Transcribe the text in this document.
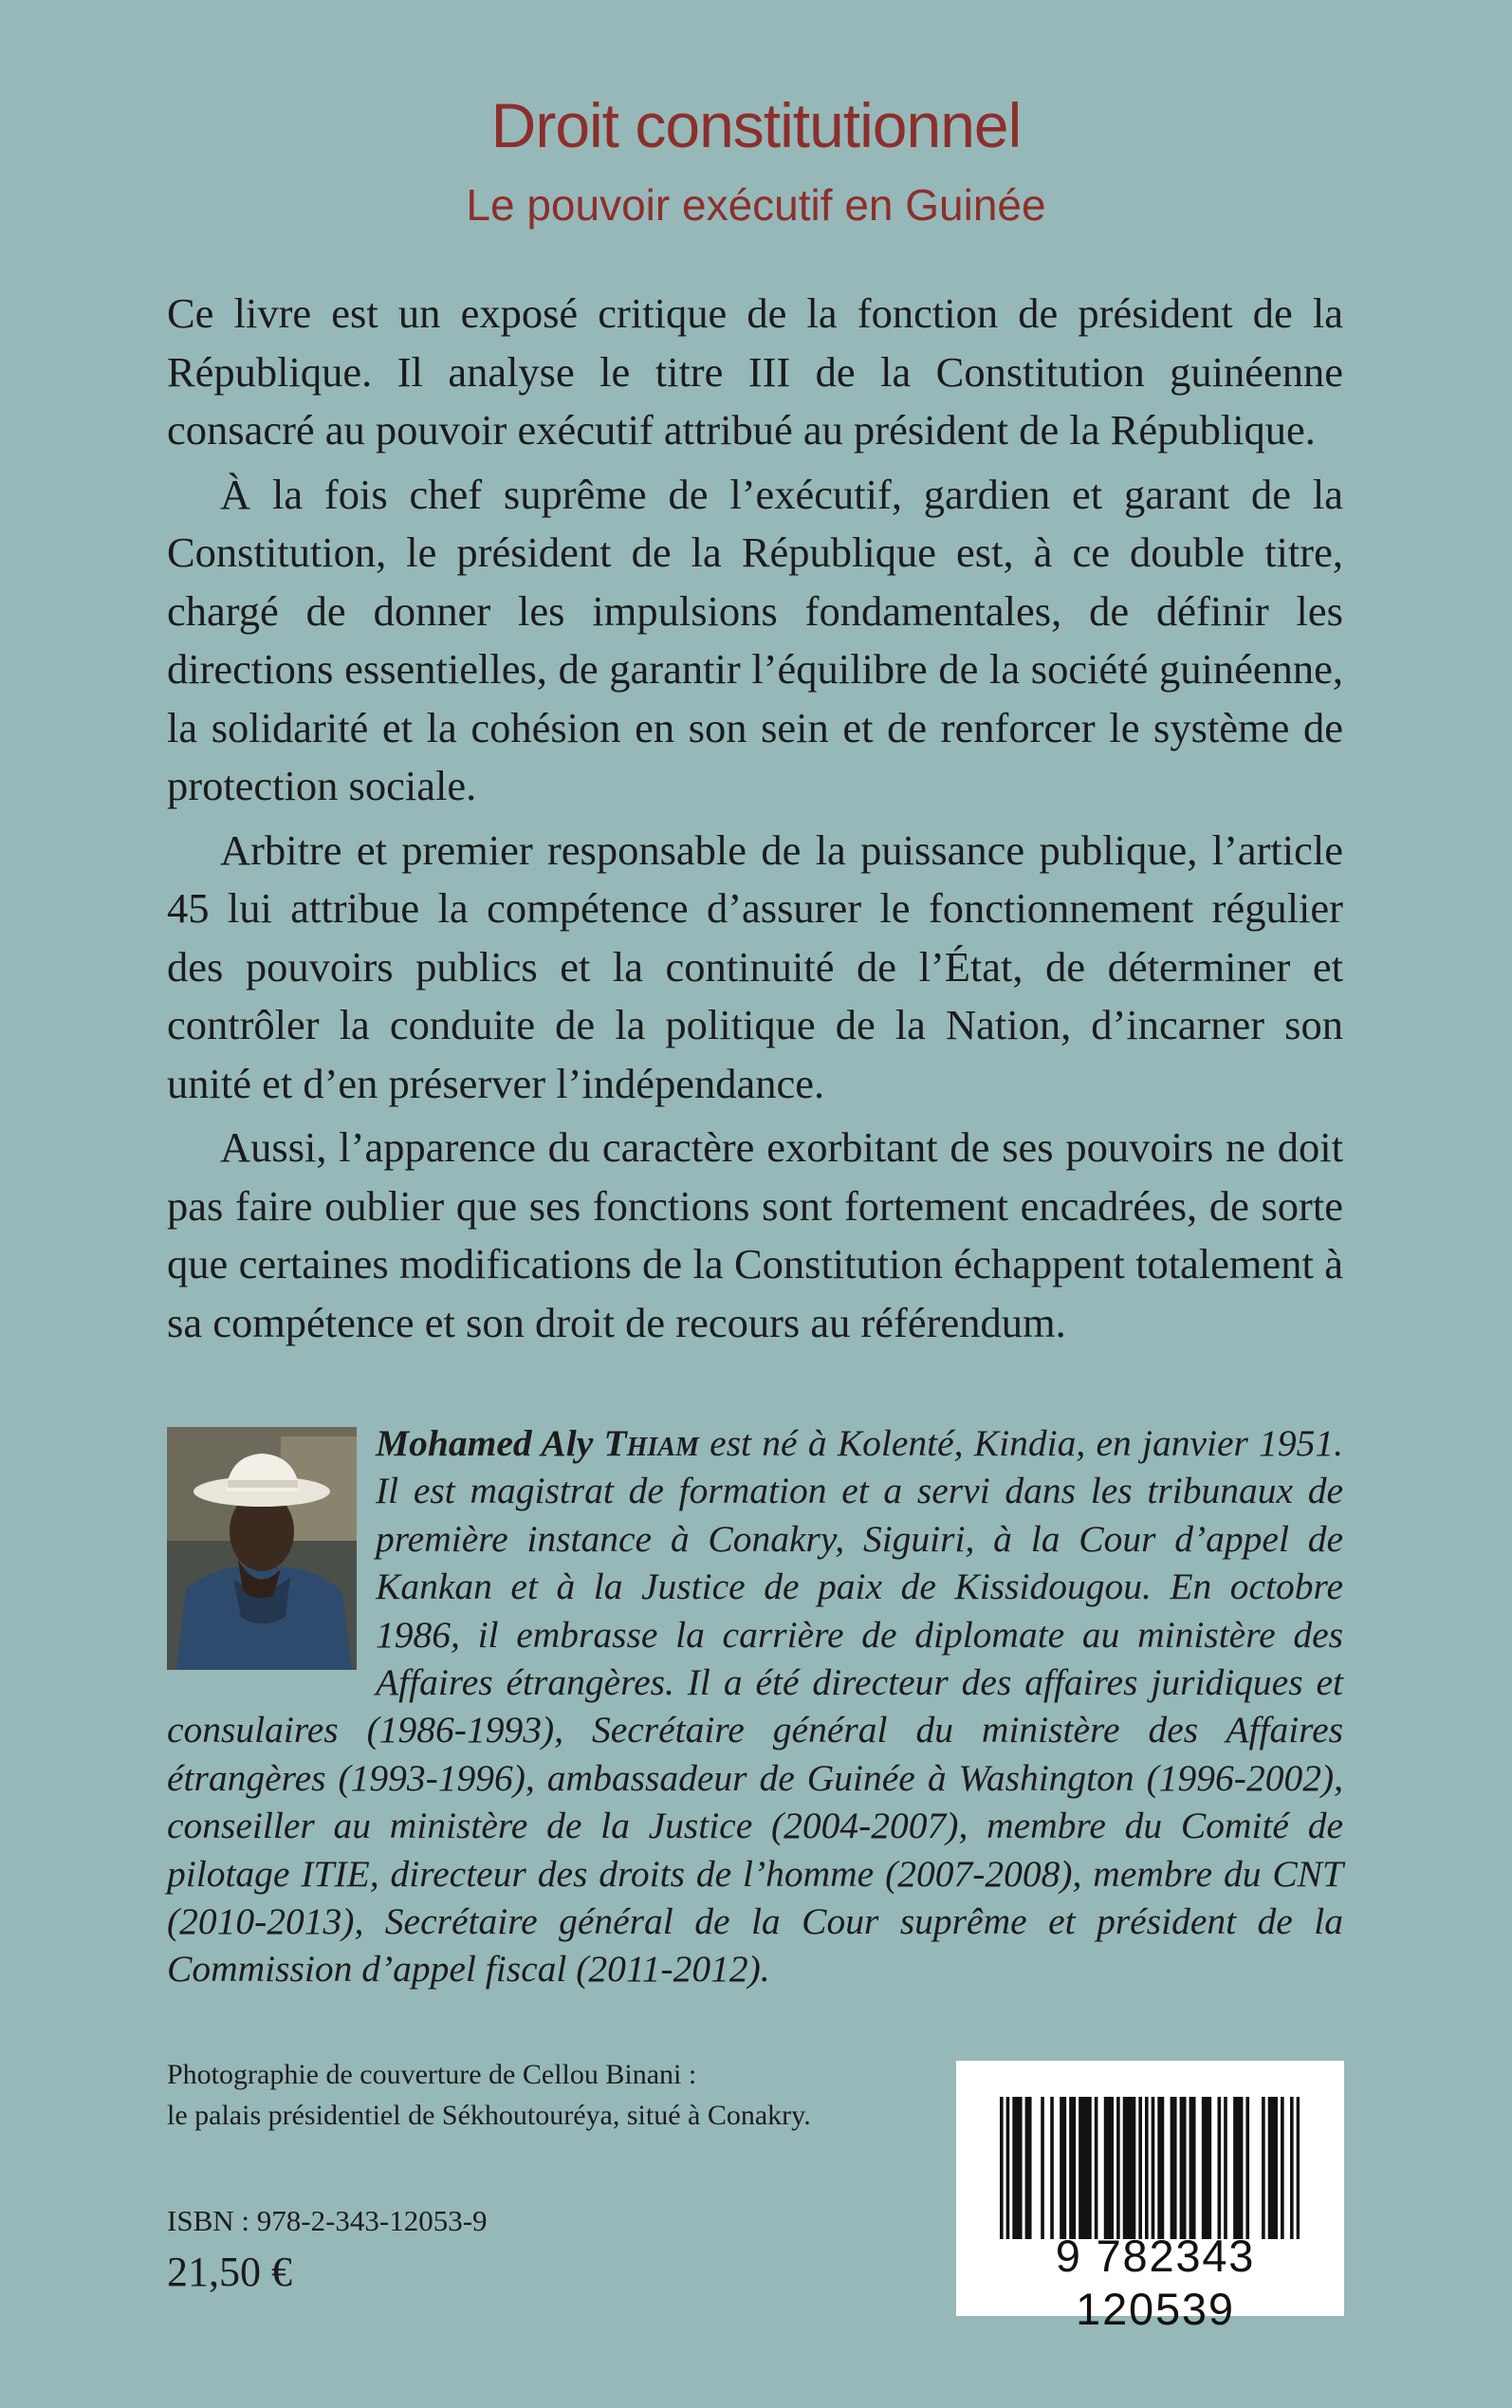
Droit constitutionnel
Le pouvoir exécutif en Guinée

Ce livre est un exposé critique de la fonction de président de la République. Il analyse le titre III de la Constitution guinéenne consacré au pouvoir exécutif attribué au président de la République.

À la fois chef suprême de l’exécutif, gardien et garant de la Constitution, le président de la République est, à ce double titre, chargé de donner les impulsions fondamentales, de définir les directions essentielles, de garantir l’équilibre de la société guinéenne, la solidarité et la cohésion en son sein et de renforcer le système de protection sociale.

Arbitre et premier responsable de la puissance publique, l’article 45 lui attribue la compétence d’assurer le fonctionnement régulier des pouvoirs publics et la continuité de l’État, de déterminer et contrôler la conduite de la politique de la Nation, d’incarner son unité et d’en préserver l’indépendance.

Aussi, l’apparence du caractère exorbitant de ses pouvoirs ne doit pas faire oublier que ses fonctions sont fortement encadrées, de sorte que certaines modifications de la Constitution échappent totalement à sa compétence et son droit de recours au référendum.

Mohamed Aly Thiam est né à Kolenté, Kindia, en janvier 1951. Il est magistrat de formation et a servi dans les tribunaux de première instance à Conakry, Siguiri, à la Cour d’appel de Kankan et à la Justice de paix de Kissidougou. En octobre 1986, il embrasse la carrière de diplomate au ministère des Affaires étrangères. Il a été directeur des affaires juridiques et consulaires (1986-1993), Secrétaire général du ministère des Affaires étrangères (1993-1996), ambassadeur de Guinée à Washington (1996-2002), conseiller au ministère de la Justice (2004-2007), membre du Comité de pilotage ITIE, directeur des droits de l’homme (2007-2008), membre du CNT (2010-2013), Secrétaire général de la Cour suprême et président de la Commission d’appel fiscal (2011-2012).
Photographie de couverture de Cellou Binani :
le palais présidentiel de Sékhoutouréya, situé à Conakry.
ISBN : 978-2-343-12053-9
21,50 €	9 782343 120539
